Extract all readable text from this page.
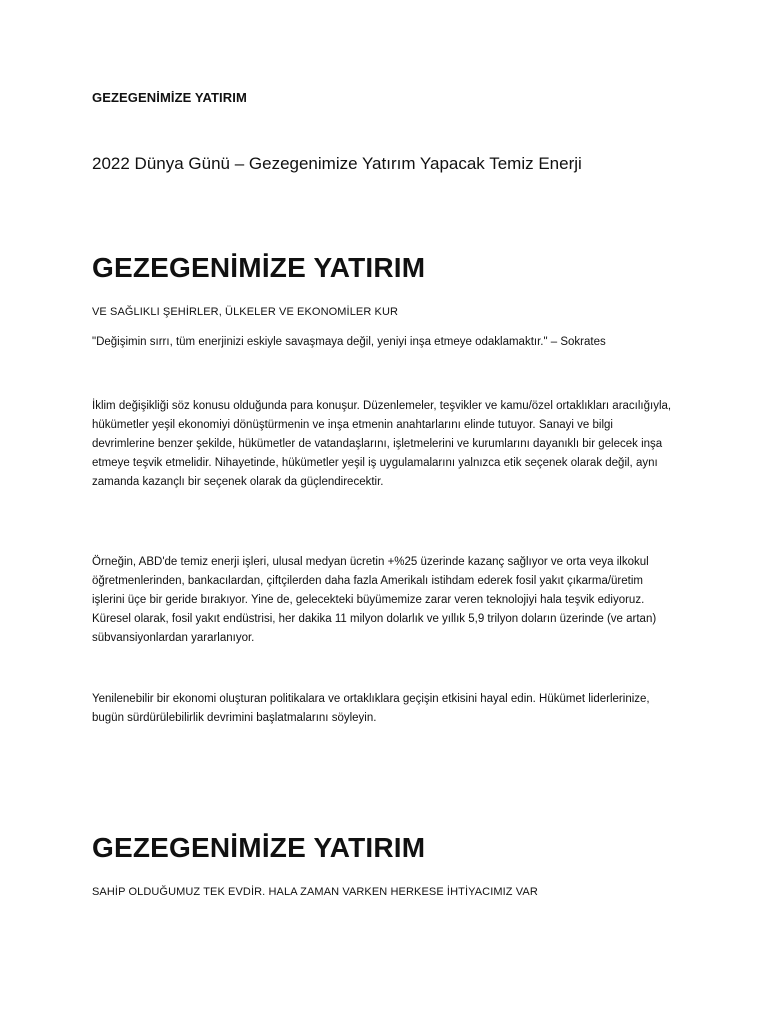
GEZEGENİMİZE YATIRIM

2022 Dünya Günü – Gezegenimize Yatırım Yapacak Temiz Enerji

GEZEGENİMİZE YATIRIM

VE SAĞLIKLI ŞEHİRLER, ÜLKELER VE EKONOMİLER KUR

"Değişimin sırrı, tüm enerjinizi eskiyle savaşmaya değil, yeniyi inşa etmeye odaklamaktır." – Sokrates

İklim değişikliği söz konusu olduğunda para konuşur. Düzenlemeler, teşvikler ve kamu/özel ortaklıkları aracılığıyla, hükümetler yeşil ekonomiyi dönüştürmenin ve inşa etmenin anahtarlarını elinde tutuyor. Sanayi ve bilgi devrimlerine benzer şekilde, hükümetler de vatandaşlarını, işletmelerini ve kurumlarını dayanıklı bir gelecek inşa etmeye teşvik etmelidir. Nihayetinde, hükümetler yeşil iş uygulamalarını yalnızca etik seçenek olarak değil, aynı zamanda kazançlı bir seçenek olarak da güçlendirecektir.

Örneğin, ABD'de temiz enerji işleri, ulusal medyan ücretin +%25 üzerinde kazanç sağlıyor ve orta veya ilkokul öğretmenlerinden, bankacılardan, çiftçilerden daha fazla Amerikalı istihdam ederek fosil yakıt çıkarma/üretim işlerini üçe bir geride bırakıyor. Yine de, gelecekteki büyümemize zarar veren teknolojiyi hala teşvik ediyoruz. Küresel olarak, fosil yakıt endüstrisi, her dakika 11 milyon dolarlık ve yıllık 5,9 trilyon doların üzerinde (ve artan) sübvansiyonlardan yararlanıyor.

Yenilenebilir bir ekonomi oluşturan politikalara ve ortaklıklara geçişin etkisini hayal edin. Hükümet liderlerinize, bugün sürdürülebilirlik devrimini başlatmalarını söyleyin.

GEZEGENİMİZE YATIRIM

SAHİP OLDUĞUMUZ TEK EVDİR. HALA ZAMAN VARKEN HERKESE İHTİYACIMIZ VAR
